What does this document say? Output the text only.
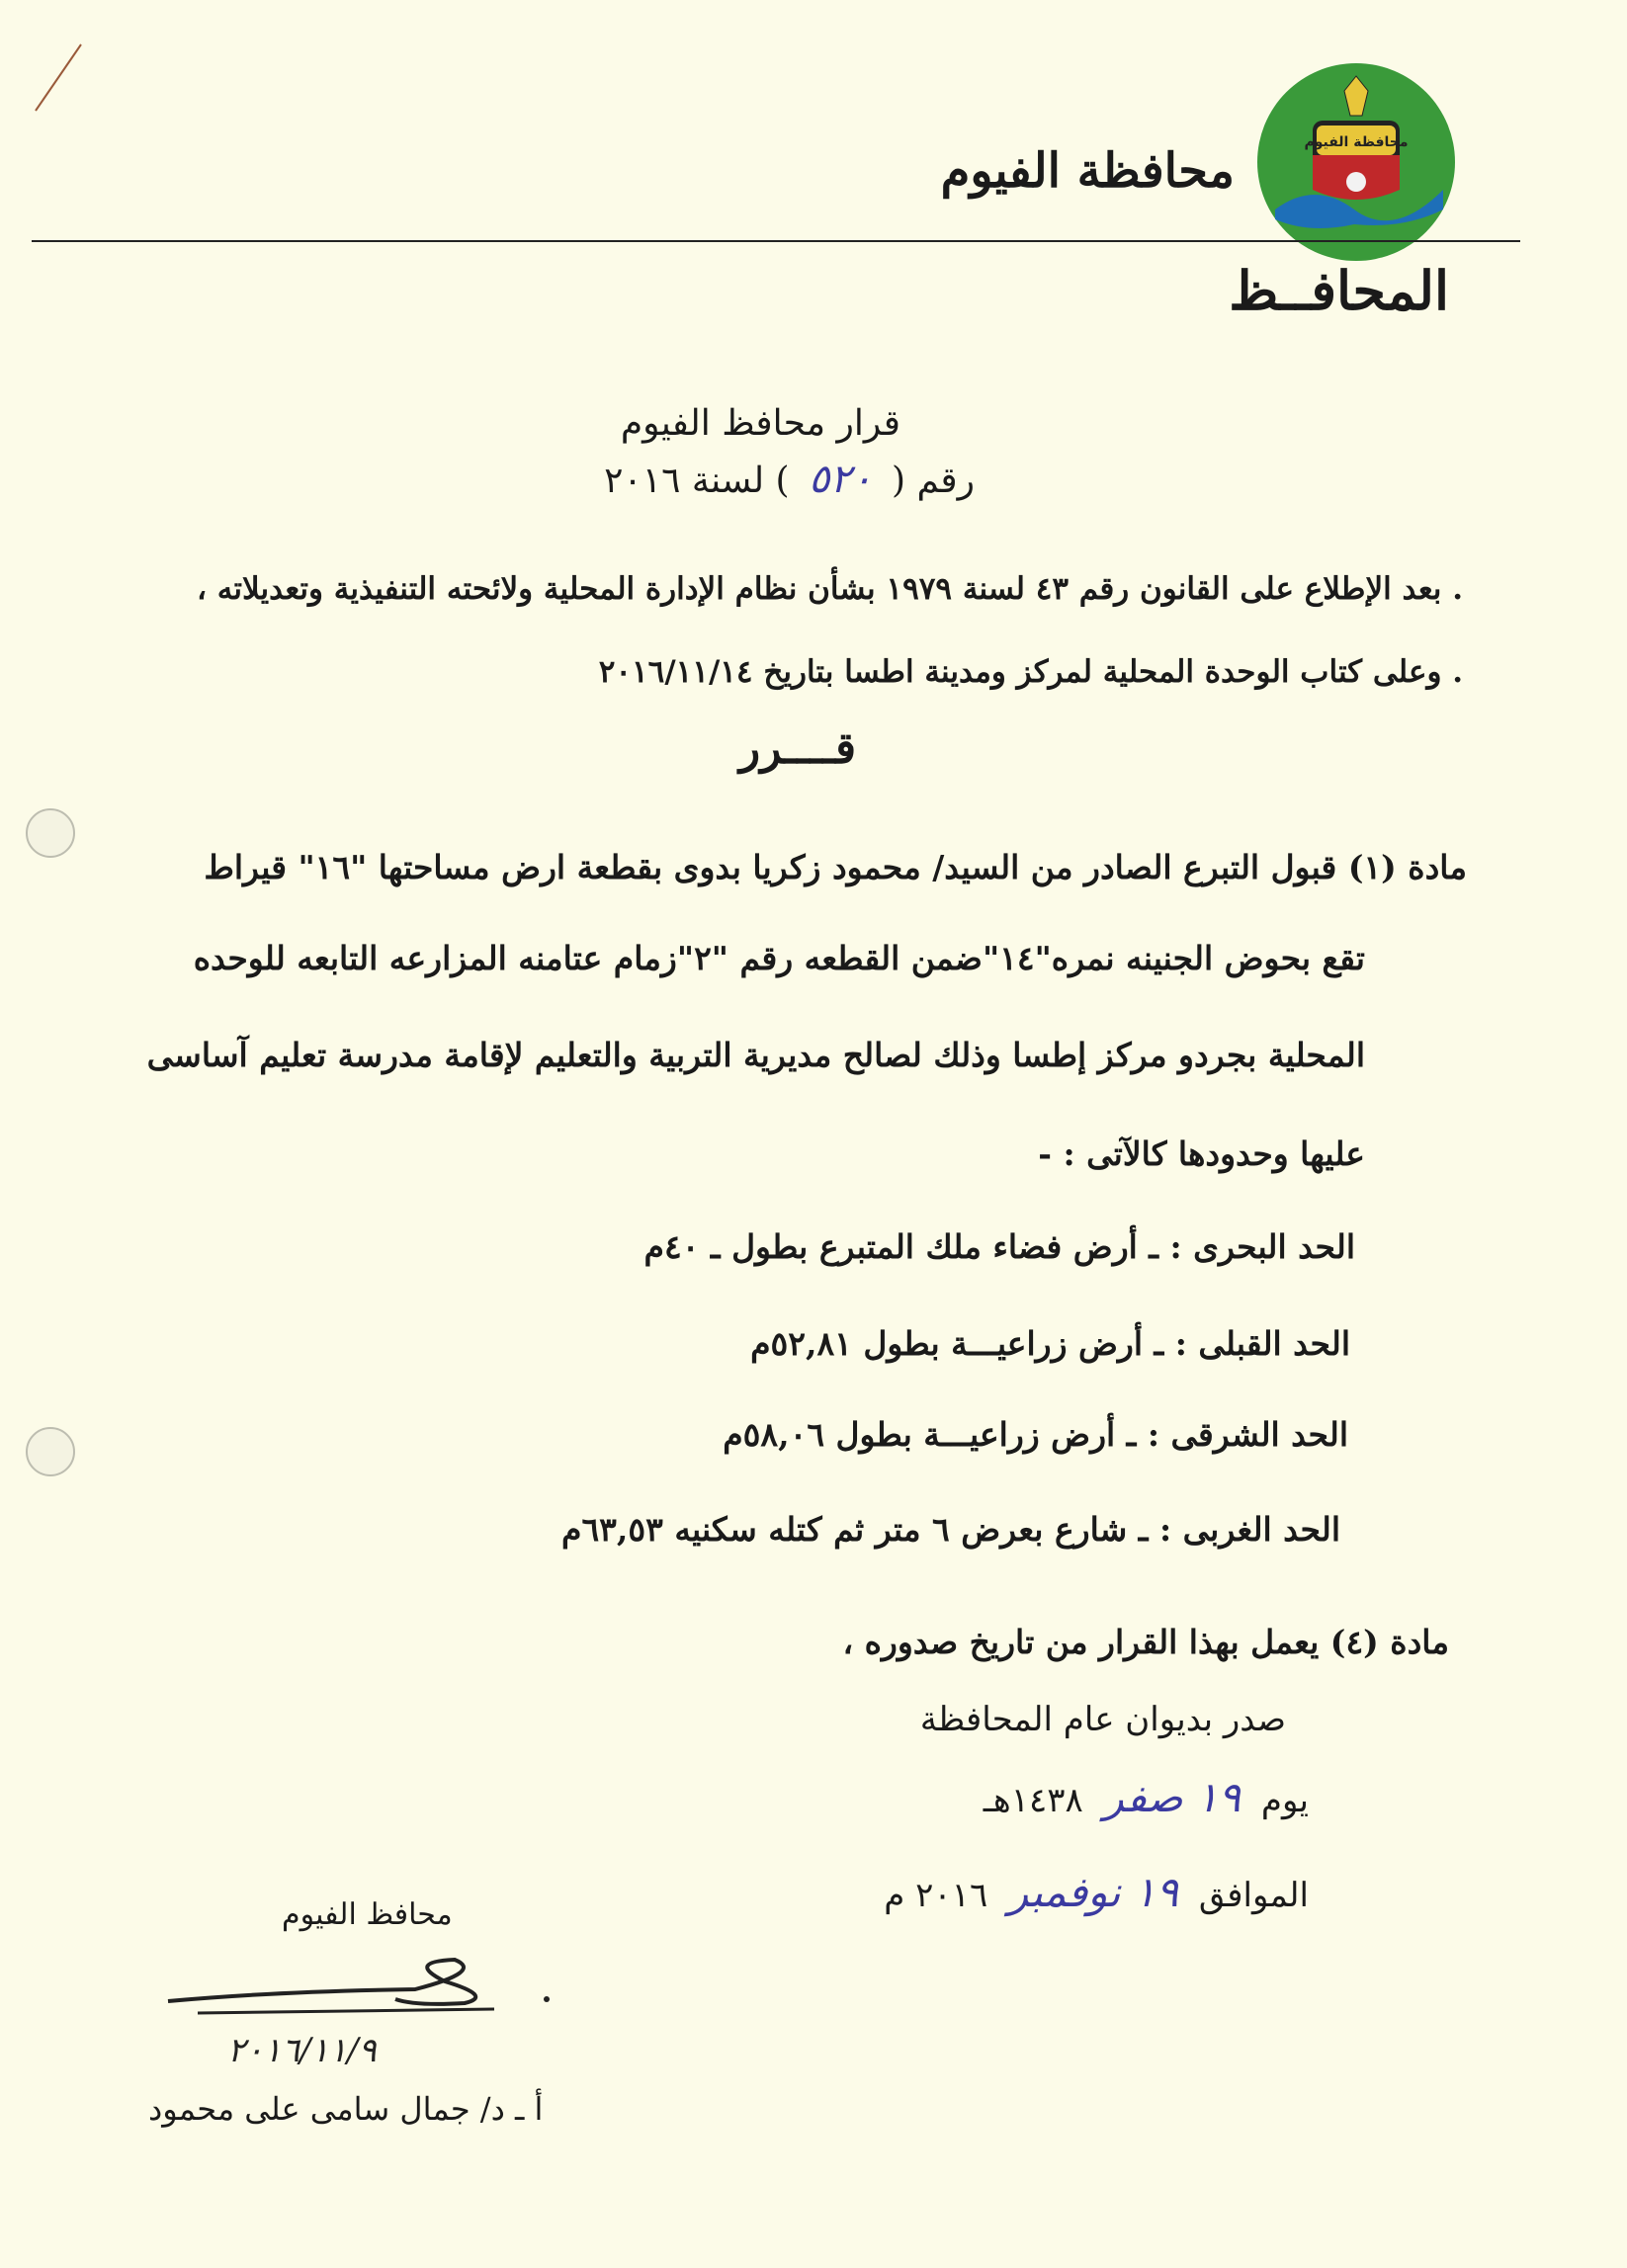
محافظة الفيوم
محافظة الفيوم
المحافــظ
قرار محافظ الفيوم
رقم ( ٥٢٠ ) لسنة ٢٠١٦
. بعد الإطلاع على القانون رقم ٤٣ لسنة ١٩٧٩ بشأن نظام الإدارة المحلية ولائحته التنفيذية وتعديلاته ،
. وعلى كتاب الوحدة المحلية لمركز ومدينة اطسا بتاريخ ٢٠١٦/١١/١٤
قــــرر
مادة (١) قبول التبرع الصادر من السيد/ محمود زكريا بدوى بقطعة ارض مساحتها "١٦" قيراط
تقع بحوض الجنينه نمره"١٤"ضمن القطعه رقم "٢"زمام عتامنه المزارعه التابعه للوحده
المحلية بجردو مركز إطسا وذلك لصالح مديرية التربية والتعليم لإقامة مدرسة تعليم آساسى
عليها وحدودها كالآتى : -
الحد البحرى : ـ أرض فضاء ملك المتبرع بطول ـ ٤٠م
الحد القبلى : ـ أرض زراعيـــة بطول ٥٢,٨١م
الحد الشرقى : ـ أرض زراعيـــة بطول ٥٨,٠٦م
الحد الغربى : ـ شارع بعرض ٦ متر ثم كتله سكنيه ٦٣,٥٣م
مادة (٤) يعمل بهذا القرار من تاريخ صدوره ،
صدر بديوان عام المحافظة
يوم ١٩ صفر ١٤٣٨هـ
الموافق ١٩ نوفمبر ٢٠١٦ م
محافظ الفيوم
٢٠١٦/١١/٩
أ ـ د/ جمال سامى على محمود
